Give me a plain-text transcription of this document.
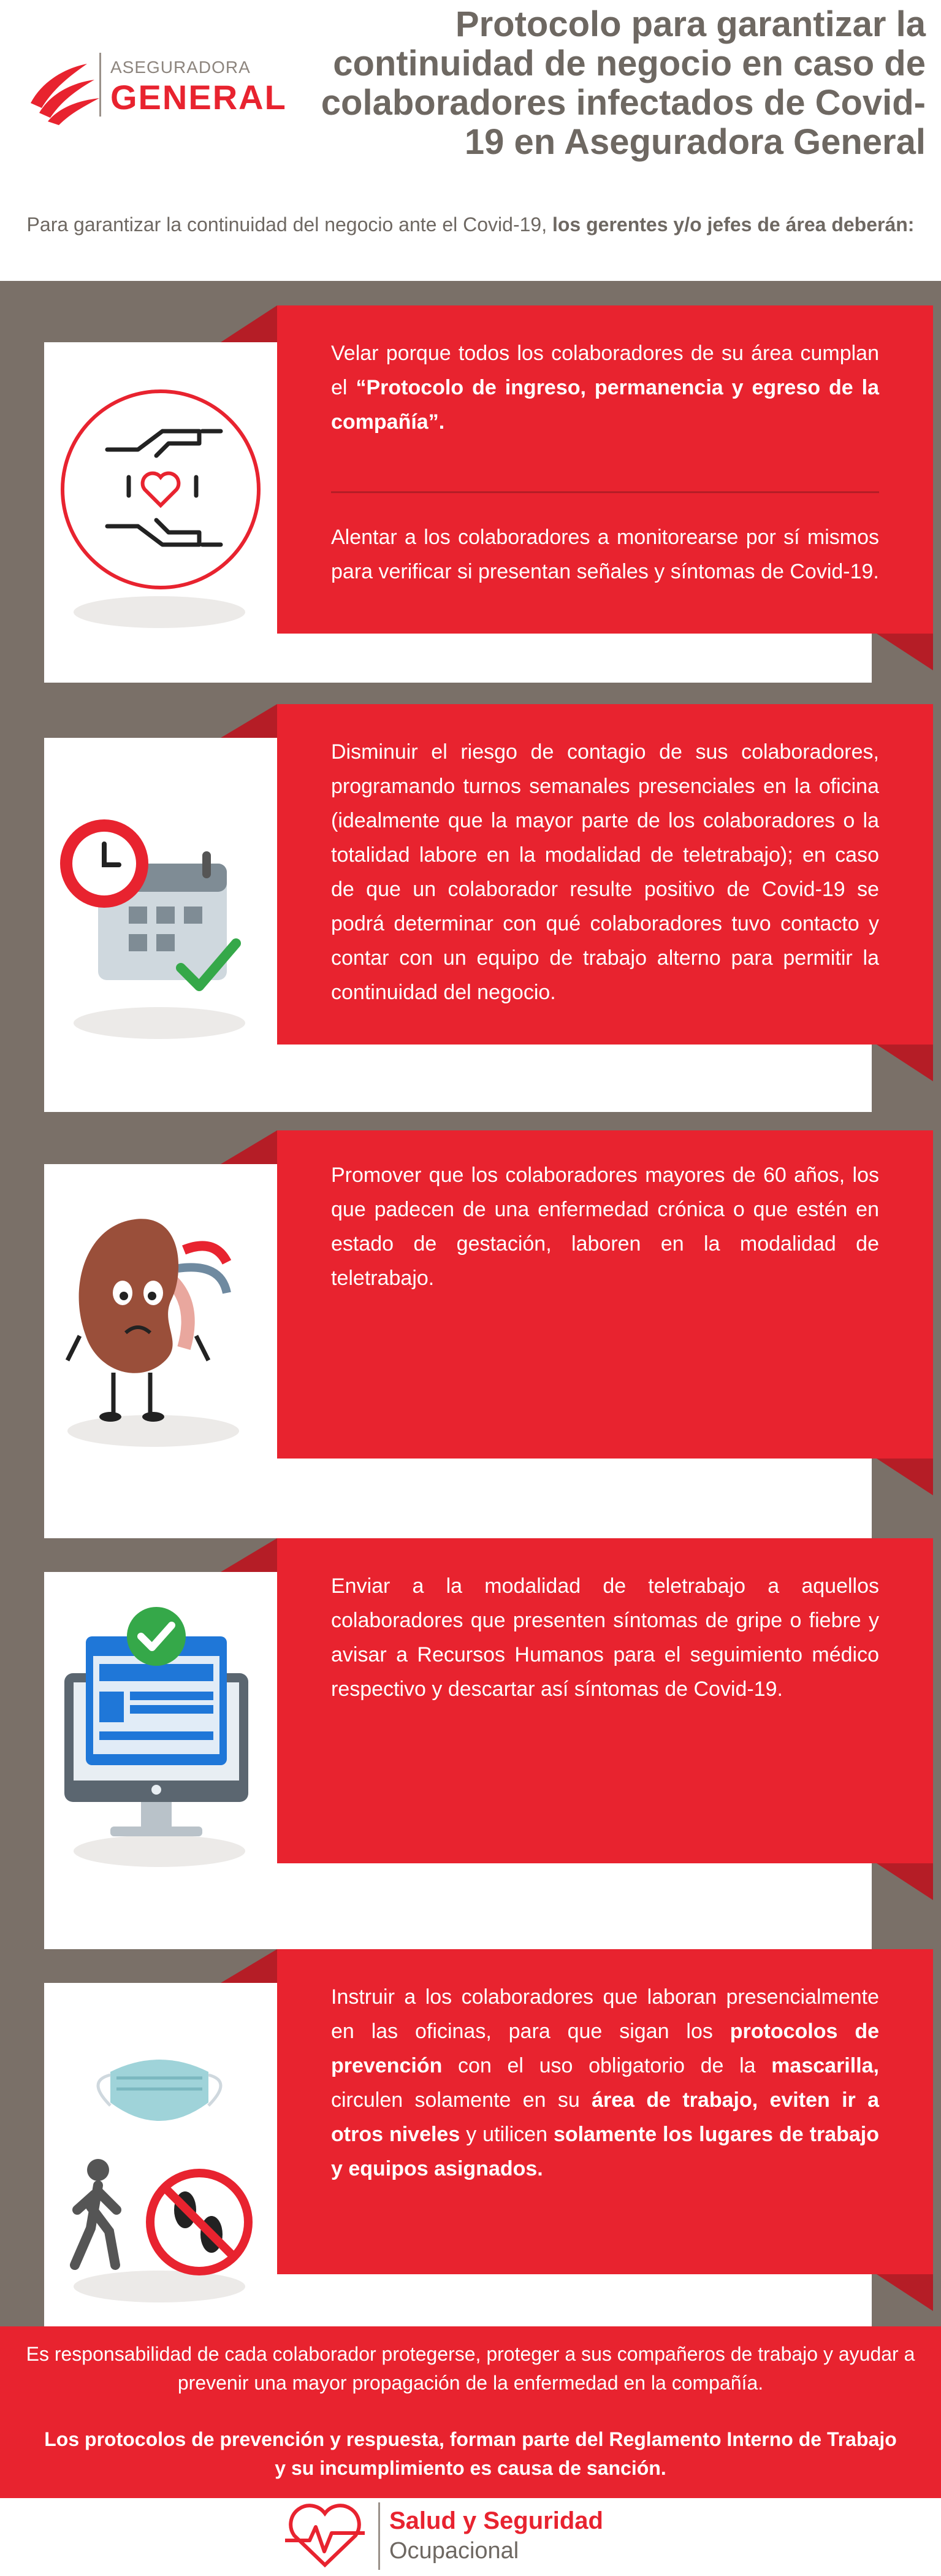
ASEGURADORA
GENERAL
Protocolo para garantizar la continuidad de negocio en caso de colaboradores infectados de Covid-19 en Aseguradora General
Para garantizar la continuidad del negocio ante el Covid-19, los gerentes y/o jefes de área deberán:
Velar porque todos los colaboradores de su área cumplan el “Protocolo de ingreso, permanencia y egreso de la compañía”.
Alentar a los colaboradores a monitorearse por sí mismos para verificar si presentan señales y síntomas de Covid-19.
Disminuir el riesgo de contagio de sus colaboradores, programando turnos semanales presenciales en la oficina (idealmente que la mayor parte de los colaboradores o la totalidad labore en la modalidad de teletrabajo); en caso de que un colaborador resulte positivo de Covid-19 se podrá determinar con qué colaboradores tuvo contacto y contar con un equipo de trabajo alterno para permitir la continuidad del negocio.
Promover que los colaboradores mayores de 60 años, los que padecen de una enfermedad crónica o que estén en estado de gestación, laboren en la modalidad de teletrabajo.
Enviar a la modalidad de teletrabajo a aquellos colaboradores que presenten síntomas de gripe o fiebre y avisar a Recursos Humanos para el seguimiento médico respectivo y descartar así síntomas de Covid-19.
Instruir a los colaboradores que laboran presencialmente en las oficinas, para que sigan los protocolos de prevención con el uso obligatorio de la mascarilla, circulen solamente en su área de trabajo, eviten ir a otros niveles y utilicen solamente los lugares de trabajo y equipos asignados.

Es responsabilidad de cada colaborador protegerse, proteger a sus compañeros de trabajo y ayudar a prevenir una mayor propagación de la enfermedad en la compañía.

Los protocolos de prevención y respuesta, forman parte del Reglamento Interno de Trabajo y su incumplimiento es causa de sanción.

Salud y Seguridad
Ocupacional
